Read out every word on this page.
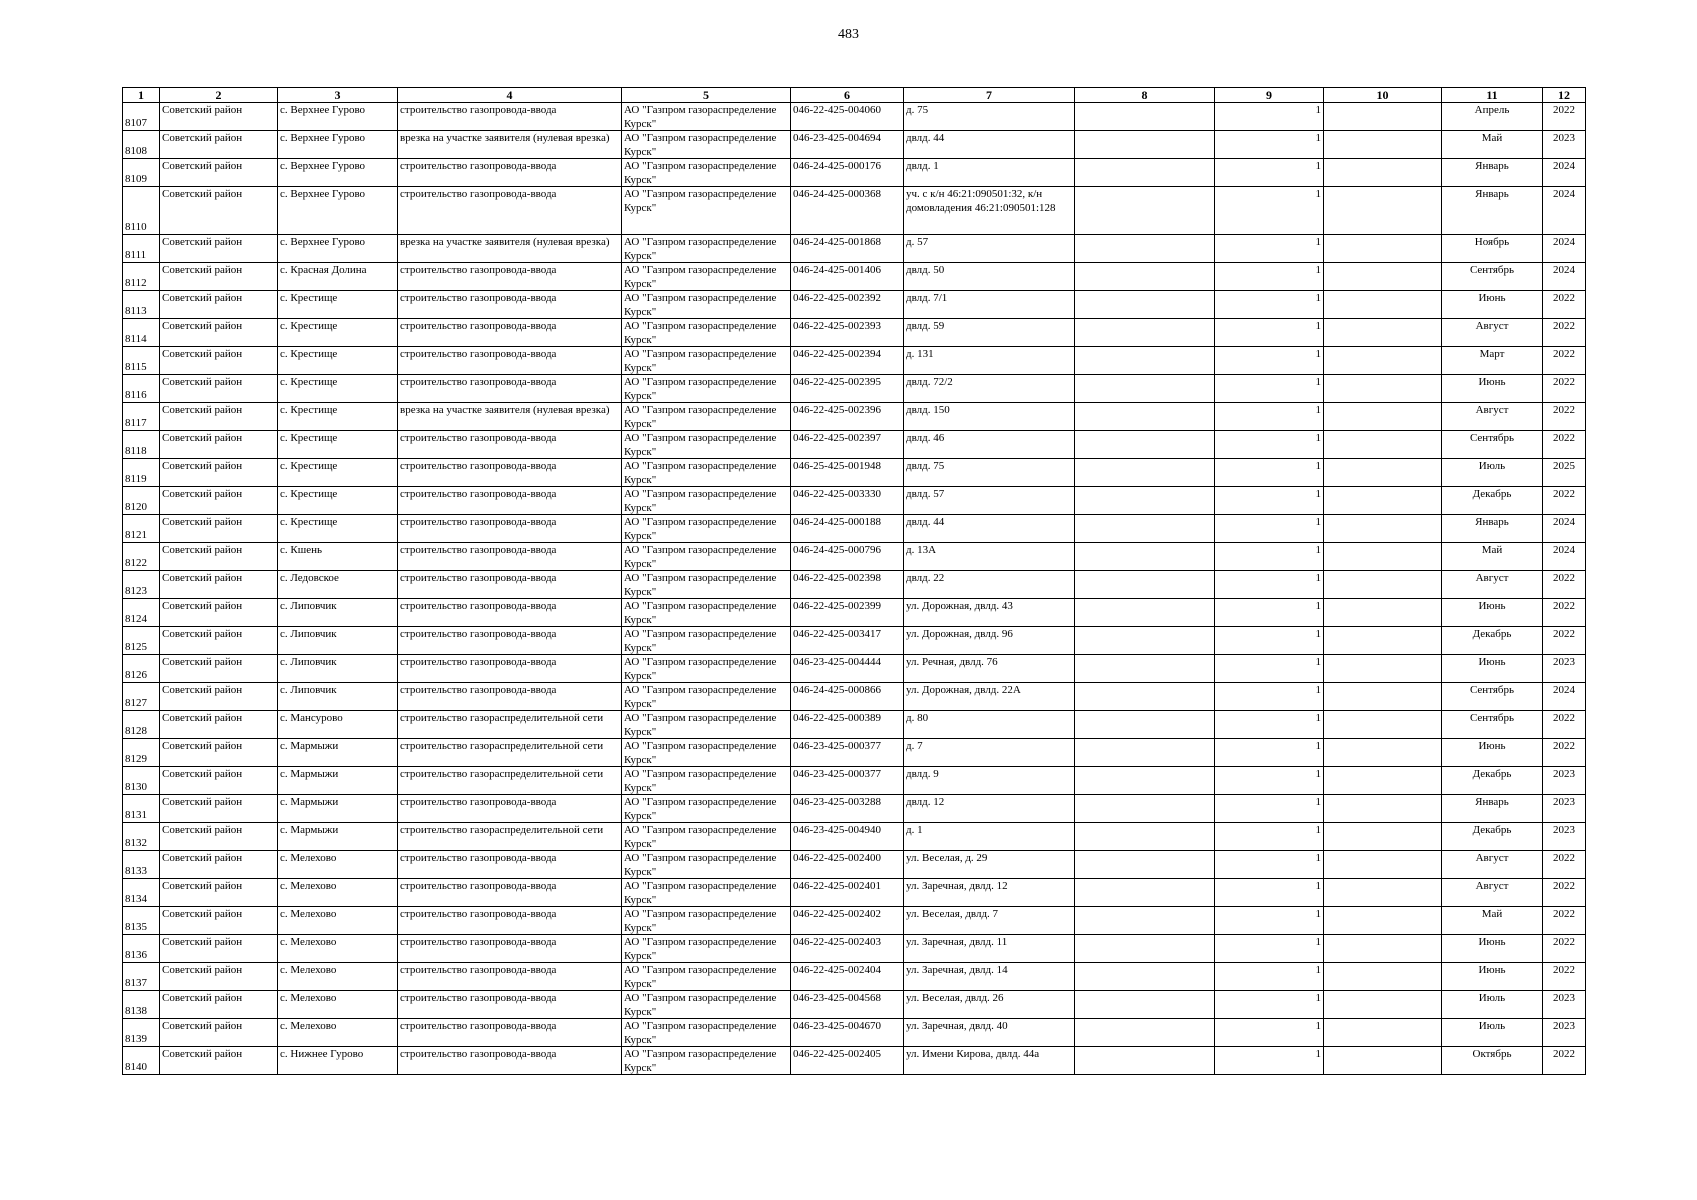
483
1	2	3	4	5	6	7	8	9	10	11	12

8107	Советский район	с. Верхнее Гурово	строительство газопровода-ввода	АО "Газпром газораспределение Курск"	046-22-425-004060	д. 75		1		Апрель	2022

8108	Советский район	с. Верхнее Гурово	врезка на участке заявителя (нулевая врезка)	АО "Газпром газораспределение Курск"	046-23-425-004694	двлд. 44		1		Май	2023

8109	Советский район	с. Верхнее Гурово	строительство газопровода-ввода	АО "Газпром газораспределение Курск"	046-24-425-000176	двлд. 1		1		Январь	2024

8110	Советский район	с. Верхнее Гурово	строительство газопровода-ввода	АО "Газпром газораспределение Курск"	046-24-425-000368	уч. с к/н 46:21:090501:32, к/н домовладения 46:21:090501:128		1		Январь	2024

8111	Советский район	с. Верхнее Гурово	врезка на участке заявителя (нулевая врезка)	АО "Газпром газораспределение Курск"	046-24-425-001868	д. 57		1		Ноябрь	2024

8112	Советский район	с. Красная Долина	строительство газопровода-ввода	АО "Газпром газораспределение Курск"	046-24-425-001406	двлд. 50		1		Сентябрь	2024

8113	Советский район	с. Крестище	строительство газопровода-ввода	АО "Газпром газораспределение Курск"	046-22-425-002392	двлд. 7/1		1		Июнь	2022

8114	Советский район	с. Крестище	строительство газопровода-ввода	АО "Газпром газораспределение Курск"	046-22-425-002393	двлд. 59		1		Август	2022

8115	Советский район	с. Крестище	строительство газопровода-ввода	АО "Газпром газораспределение Курск"	046-22-425-002394	д. 131		1		Март	2022

8116	Советский район	с. Крестище	строительство газопровода-ввода	АО "Газпром газораспределение Курск"	046-22-425-002395	двлд. 72/2		1		Июнь	2022

8117	Советский район	с. Крестище	врезка на участке заявителя (нулевая врезка)	АО "Газпром газораспределение Курск"	046-22-425-002396	двлд. 150		1		Август	2022

8118	Советский район	с. Крестище	строительство газопровода-ввода	АО "Газпром газораспределение Курск"	046-22-425-002397	двлд. 46		1		Сентябрь	2022

8119	Советский район	с. Крестище	строительство газопровода-ввода	АО "Газпром газораспределение Курск"	046-25-425-001948	двлд. 75		1		Июль	2025

8120	Советский район	с. Крестище	строительство газопровода-ввода	АО "Газпром газораспределение Курск"	046-22-425-003330	двлд. 57		1		Декабрь	2022

8121	Советский район	с. Крестище	строительство газопровода-ввода	АО "Газпром газораспределение Курск"	046-24-425-000188	двлд. 44		1		Январь	2024

8122	Советский район	с. Кшень	строительство газопровода-ввода	АО "Газпром газораспределение Курск"	046-24-425-000796	д. 13А		1		Май	2024

8123	Советский район	с. Ледовское	строительство газопровода-ввода	АО "Газпром газораспределение Курск"	046-22-425-002398	двлд. 22		1		Август	2022

8124	Советский район	с. Липовчик	строительство газопровода-ввода	АО "Газпром газораспределение Курск"	046-22-425-002399	ул. Дорожная, двлд. 43		1		Июнь	2022

8125	Советский район	с. Липовчик	строительство газопровода-ввода	АО "Газпром газораспределение Курск"	046-22-425-003417	ул. Дорожная, двлд. 96		1		Декабрь	2022

8126	Советский район	с. Липовчик	строительство газопровода-ввода	АО "Газпром газораспределение Курск"	046-23-425-004444	ул. Речная, двлд. 76		1		Июнь	2023

8127	Советский район	с. Липовчик	строительство газопровода-ввода	АО "Газпром газораспределение Курск"	046-24-425-000866	ул. Дорожная, двлд. 22А		1		Сентябрь	2024

8128	Советский район	с. Мансурово	строительство газораспределительной сети	АО "Газпром газораспределение Курск"	046-22-425-000389	д. 80		1		Сентябрь	2022

8129	Советский район	с. Мармыжи	строительство газораспределительной сети	АО "Газпром газораспределение Курск"	046-23-425-000377	д. 7		1		Июнь	2022

8130	Советский район	с. Мармыжи	строительство газораспределительной сети	АО "Газпром газораспределение Курск"	046-23-425-000377	двлд. 9		1		Декабрь	2023

8131	Советский район	с. Мармыжи	строительство газопровода-ввода	АО "Газпром газораспределение Курск"	046-23-425-003288	двлд. 12		1		Январь	2023

8132	Советский район	с. Мармыжи	строительство газораспределительной сети	АО "Газпром газораспределение Курск"	046-23-425-004940	д. 1		1		Декабрь	2023

8133	Советский район	с. Мелехово	строительство газопровода-ввода	АО "Газпром газораспределение Курск"	046-22-425-002400	ул. Веселая, д. 29		1		Август	2022

8134	Советский район	с. Мелехово	строительство газопровода-ввода	АО "Газпром газораспределение Курск"	046-22-425-002401	ул. Заречная, двлд. 12		1		Август	2022

8135	Советский район	с. Мелехово	строительство газопровода-ввода	АО "Газпром газораспределение Курск"	046-22-425-002402	ул. Веселая, двлд. 7		1		Май	2022

8136	Советский район	с. Мелехово	строительство газопровода-ввода	АО "Газпром газораспределение Курск"	046-22-425-002403	ул. Заречная, двлд. 11		1		Июнь	2022

8137	Советский район	с. Мелехово	строительство газопровода-ввода	АО "Газпром газораспределение Курск"	046-22-425-002404	ул. Заречная, двлд. 14		1		Июнь	2022

8138	Советский район	с. Мелехово	строительство газопровода-ввода	АО "Газпром газораспределение Курск"	046-23-425-004568	ул. Веселая, двлд. 26		1		Июль	2023

8139	Советский район	с. Мелехово	строительство газопровода-ввода	АО "Газпром газораспределение Курск"	046-23-425-004670	ул. Заречная, двлд. 40		1		Июль	2023

8140	Советский район	с. Нижнее Гурово	строительство газопровода-ввода	АО "Газпром газораспределение Курск"	046-22-425-002405	ул. Имени Кирова, двлд. 44а		1		Октябрь	2022
